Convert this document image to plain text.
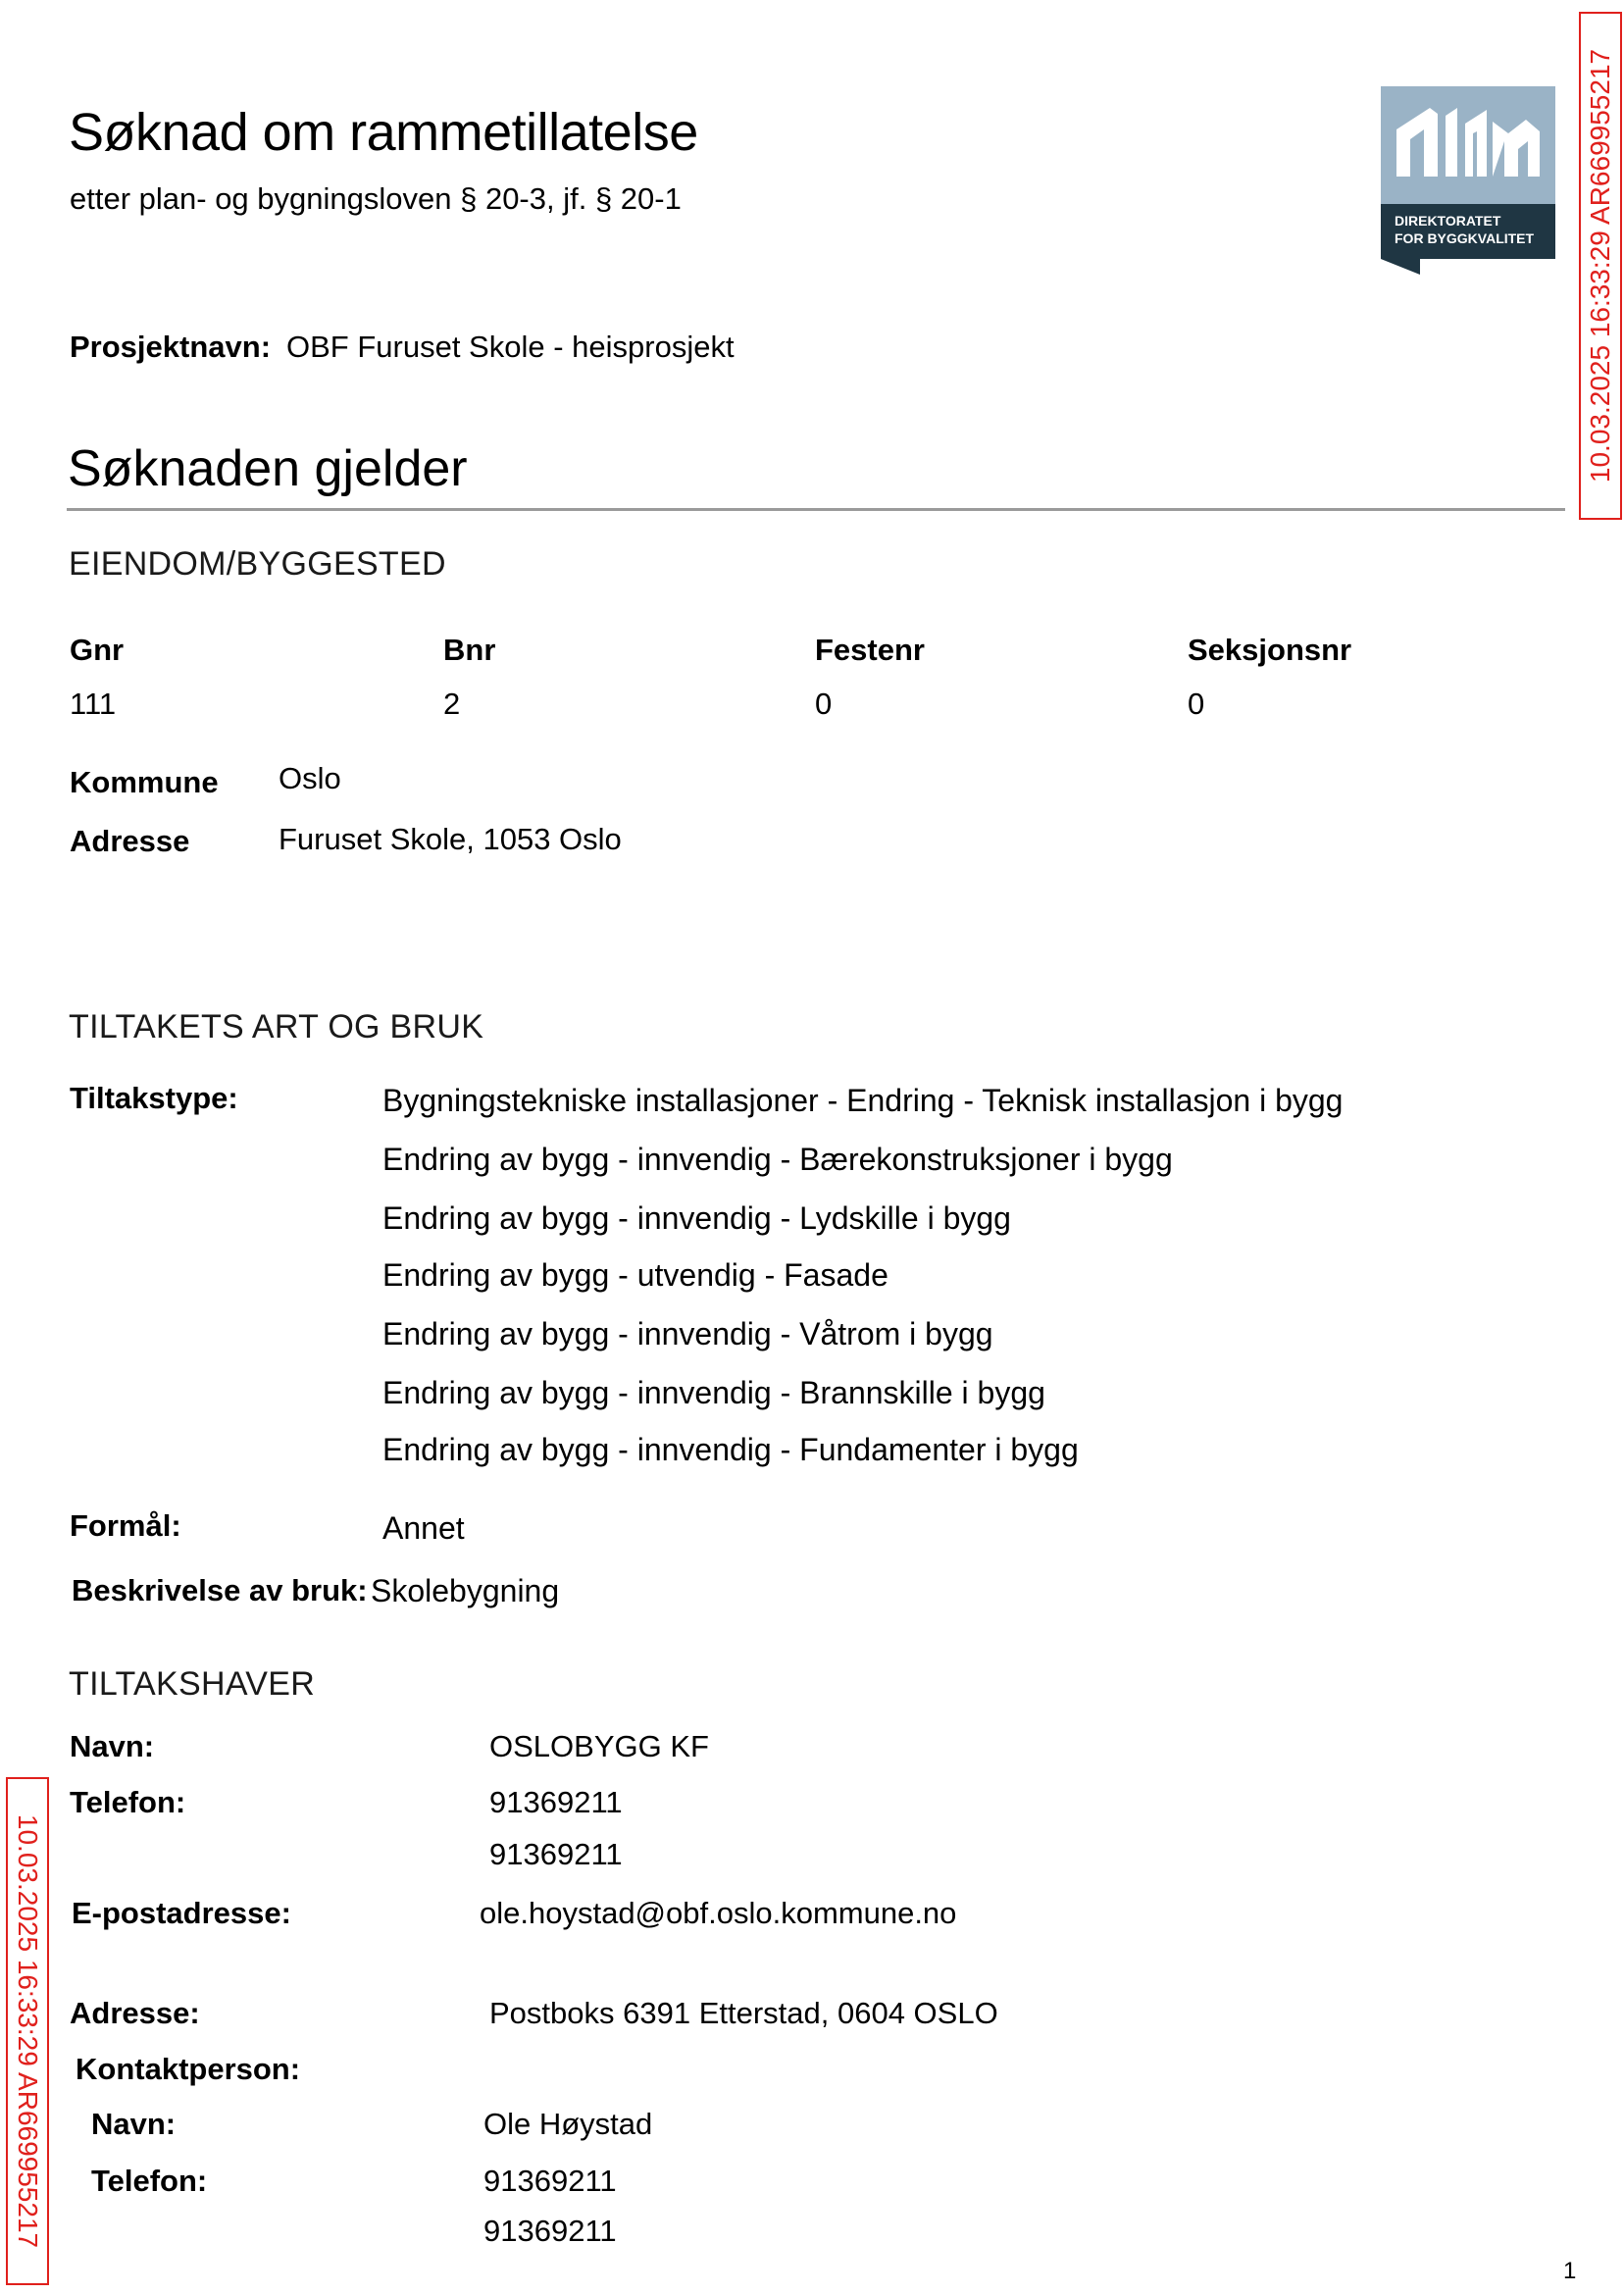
Søknad om rammetillatelse
etter plan- og bygningsloven § 20-3, jf. § 20-1
DIREKTORATET
FOR BYGGKVALITET 10.03.2025 16:33:29 AR669955217
Prosjektnavn: OBF Furuset Skole - heisprosjekt
Søknaden gjelder
EIENDOM/BYGGESTED
Gnr	Bnr	Festenr	Seksjonsnr
111	2	0	0
Kommune Oslo
Adresse	Furuset Skole, 1053 Oslo
TILTAKETS ART OG BRUK
Tiltakstype:	Bygningstekniske installasjoner - Endring - Teknisk installasjon i bygg
Endring av bygg - innvendig - Bærekonstruksjoner i bygg
Endring av bygg - innvendig - Lydskille i bygg
Endring av bygg - utvendig - Fasade
Endring av bygg - innvendig - Våtrom i bygg
Endring av bygg - innvendig - Brannskille i bygg
Endring av bygg - innvendig - Fundamenter i bygg
Formål:	Annet
Beskrivelse av bruk: Skolebygning
TILTAKSHAVER
Navn:	OSLOBYGG KF
Telefon:	91369211
91369211
E-postadresse:	ole.hoystad@obf.oslo.kommune.no
Adresse:	Postboks 6391 Etterstad, 0604 OSLO
Kontaktperson:
Navn:	Ole Høystad
Telefon:	91369211
91369211
10.03.2025 16:33:29 AR669955217
1
